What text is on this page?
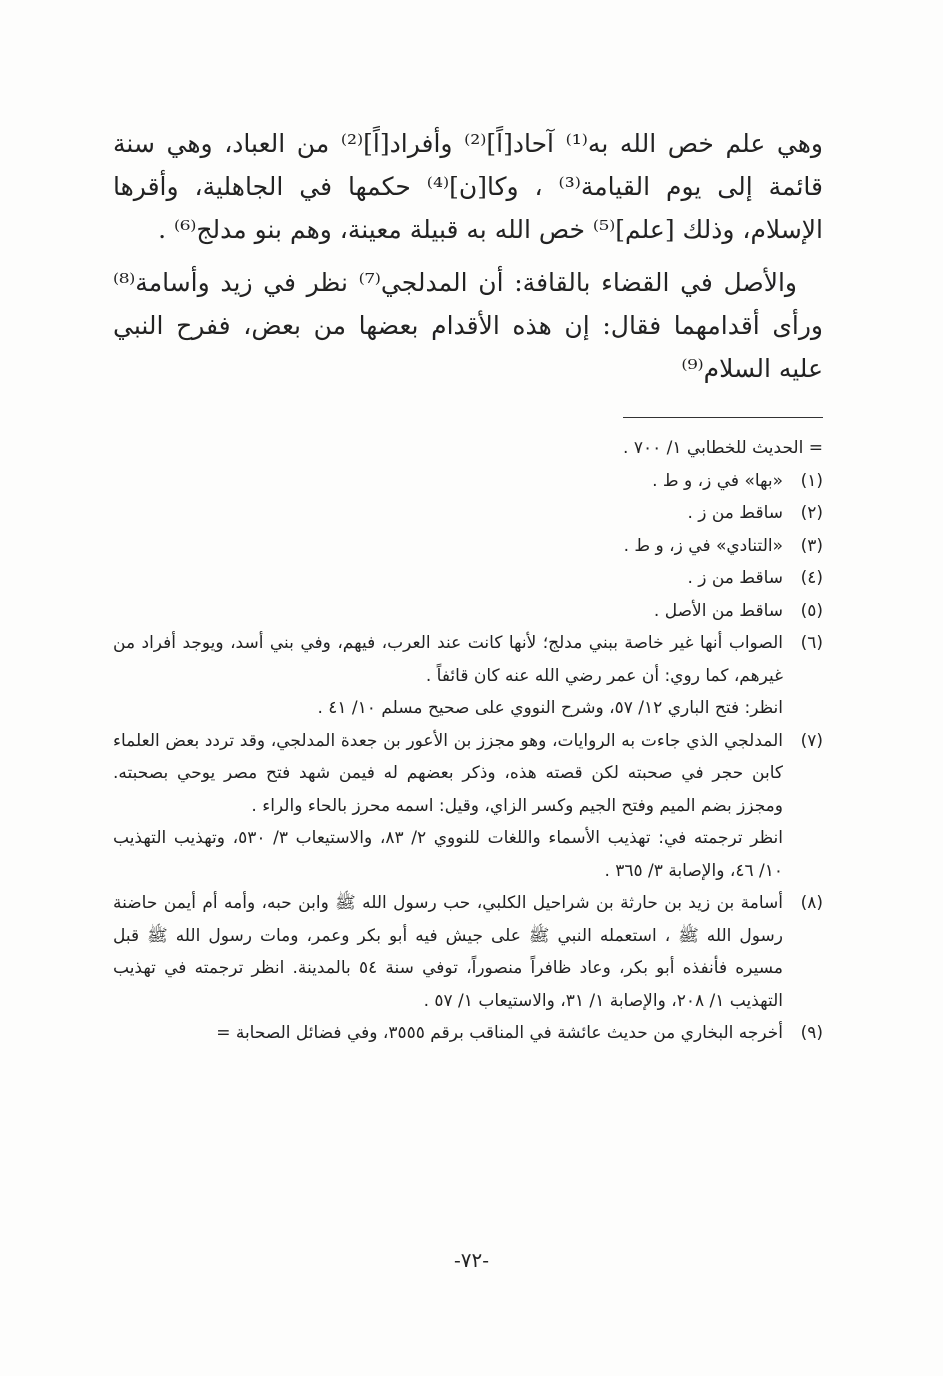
وهي علم خص الله به⁽¹⁾ آحاد[اً]⁽²⁾ وأفراد[اً]⁽²⁾ من العباد، وهي سنة قائمة إلى يوم القيامة⁽³⁾ ، وكا[ن]⁽⁴⁾ حكمها في الجاهلية، وأقرها الإسلام، وذلك [علم]⁽⁵⁾ خص الله به قبيلة معينة، وهم بنو مدلج⁽⁶⁾ .

والأصل في القضاء بالقافة: أن المدلجي⁽⁷⁾ نظر في زيد وأسامة⁽⁸⁾ ورأى أقدامهما فقال: إن هذه الأقدام بعضها من بعض، ففرح النبي عليه السلام⁽⁹⁾

= الحديث للخطابي ١/ ٧٠٠ .
(١)

«بها» في ز، و ط .

(٢)

ساقط من ز .

(٣)

«التنادي» في ز، و ط .

(٤)

ساقط من ز .

(٥)

ساقط من الأصل .

(٦)

الصواب أنها غير خاصة ببني مدلج؛ لأنها كانت عند العرب، فيهم، وفي بني أسد، ويوجد أفراد من غيرهم، كما روي: أن عمر رضي الله عنه كان قائفاً .

انظر: فتح الباري ١٢/ ٥٧، وشرح النووي على صحيح مسلم ١٠/ ٤١ .

(٧)

المدلجي الذي جاءت به الروايات، وهو مجزز بن الأعور بن جعدة المدلجي، وقد تردد بعض العلماء كابن حجر في صحبته لكن قصته هذه، وذكر بعضهم له فيمن شهد فتح مصر يوحي بصحبته. ومجزز بضم الميم وفتح الجيم وكسر الزاي، وقيل: اسمه محرز بالحاء والراء .

انظر ترجمته في: تهذيب الأسماء واللغات للنووي ٢/ ٨٣، والاستيعاب ٣/ ٥٣٠، وتهذيب التهذيب ١٠/ ٤٦، والإصابة ٣/ ٣٦٥ .

(٨)

أسامة بن زيد بن حارثة بن شراحيل الكلبي، حب رسول الله ﷺ وابن حبه، وأمه أم أيمن حاضنة رسول الله ﷺ ، استعمله النبي ﷺ على جيش فيه أبو بكر وعمر، ومات رسول الله ﷺ قبل مسيره فأنفذه أبو بكر، وعاد ظافراً منصوراً، توفي سنة ٥٤ بالمدينة. انظر ترجمته في تهذيب التهذيب ١/ ٢٠٨، والإصابة ١/ ٣١، والاستيعاب ١/ ٥٧ .

(٩)

أخرجه البخاري من حديث عائشة في المناقب برقم ٣٥٥٥، وفي فضائل الصحابة =

-٧٢-
